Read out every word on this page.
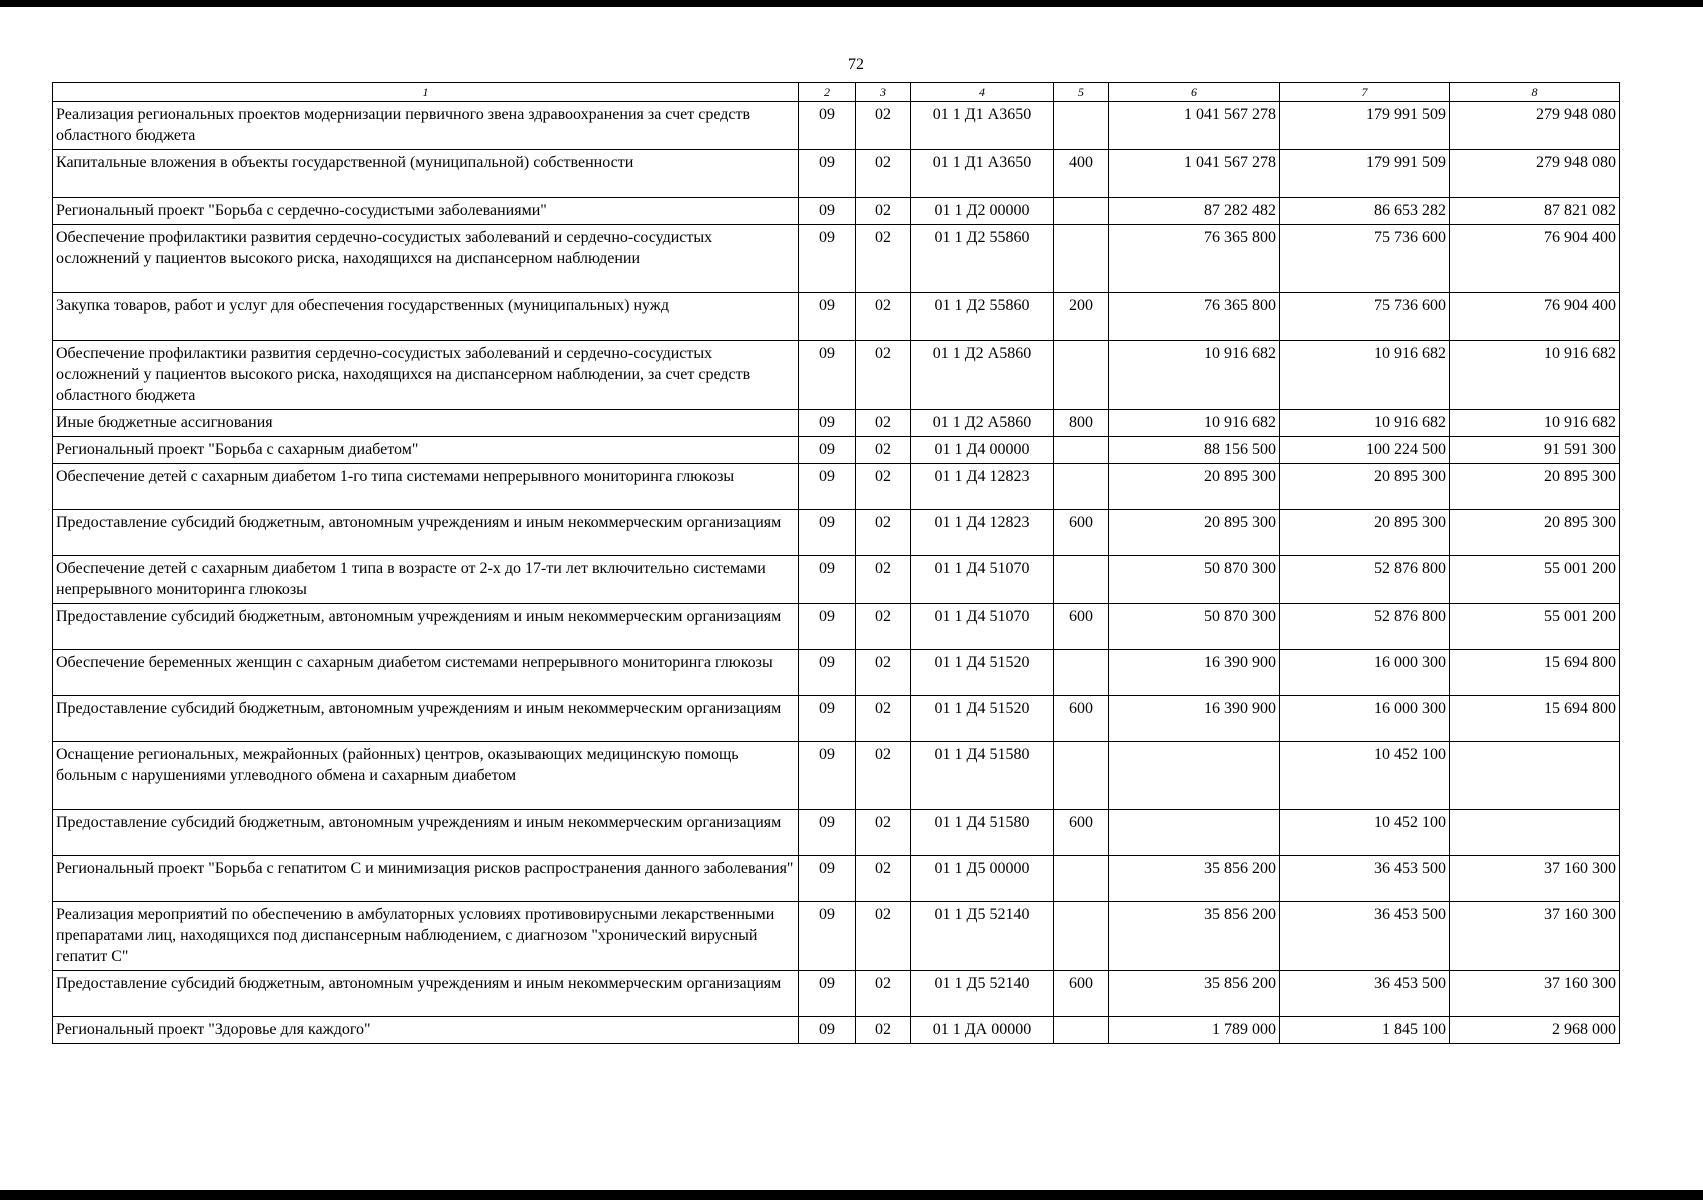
72
1	2	3	4	5	6	7	8
Реализация региональных проектов модернизации первичного звена здравоохранения за счет средств областного бюджета	09	02	01 1 Д1 А3650		1 041 567 278	179 991 509	279 948 080

Капитальные вложения в объекты государственной (муниципальной) собственности	09	02	01 1 Д1 А3650	400	1 041 567 278	179 991 509	279 948 080

Региональный проект "Борьба с сердечно-сосудистыми заболеваниями"	09	02	01 1 Д2 00000		87 282 482	86 653 282	87 821 082

Обеспечение профилактики развития сердечно-сосудистых заболеваний и сердечно-сосудистых осложнений у пациентов высокого риска, находящихся на диспансерном наблюдении	09	02	01 1 Д2 55860		76 365 800	75 736 600	76 904 400

Закупка товаров, работ и услуг для обеспечения государственных (муниципальных) нужд	09	02	01 1 Д2 55860	200	76 365 800	75 736 600	76 904 400

Обеспечение профилактики развития сердечно-сосудистых заболеваний и сердечно-сосудистых осложнений у пациентов высокого риска, находящихся на диспансерном наблюдении, за счет средств областного бюджета	09	02	01 1 Д2 А5860		10 916 682	10 916 682	10 916 682

Иные бюджетные ассигнования	09	02	01 1 Д2 А5860	800	10 916 682	10 916 682	10 916 682

Региональный проект "Борьба с сахарным диабетом"	09	02	01 1 Д4 00000		88 156 500	100 224 500	91 591 300

Обеспечение детей с сахарным диабетом 1-го типа системами непрерывного мониторинга глюкозы	09	02	01 1 Д4 12823		20 895 300	20 895 300	20 895 300

Предоставление субсидий бюджетным, автономным учреждениям и иным некоммерческим организациям	09	02	01 1 Д4 12823	600	20 895 300	20 895 300	20 895 300

Обеспечение детей с сахарным диабетом 1 типа в возрасте от 2-х до 17-ти лет включительно системами непрерывного мониторинга глюкозы	09	02	01 1 Д4 51070		50 870 300	52 876 800	55 001 200

Предоставление субсидий бюджетным, автономным учреждениям и иным некоммерческим организациям	09	02	01 1 Д4 51070	600	50 870 300	52 876 800	55 001 200

Обеспечение беременных женщин с сахарным диабетом системами непрерывного мониторинга глюкозы	09	02	01 1 Д4 51520		16 390 900	16 000 300	15 694 800

Предоставление субсидий бюджетным, автономным учреждениям и иным некоммерческим организациям	09	02	01 1 Д4 51520	600	16 390 900	16 000 300	15 694 800

Оснащение региональных, межрайонных (районных) центров, оказывающих медицинскую помощь больным с нарушениями углеводного обмена и сахарным диабетом	09	02	01 1 Д4 51580			10 452 100	

Предоставление субсидий бюджетным, автономным учреждениям и иным некоммерческим организациям	09	02	01 1 Д4 51580	600		10 452 100	

Региональный проект "Борьба с гепатитом С и минимизация рисков распространения данного заболевания"	09	02	01 1 Д5 00000		35 856 200	36 453 500	37 160 300

Реализация мероприятий по обеспечению в амбулаторных условиях противовирусными лекарственными препаратами лиц, находящихся под диспансерным наблюдением, с диагнозом "хронический вирусный гепатит С"	09	02	01 1 Д5 52140		35 856 200	36 453 500	37 160 300

Предоставление субсидий бюджетным, автономным учреждениям и иным некоммерческим организациям	09	02	01 1 Д5 52140	600	35 856 200	36 453 500	37 160 300

Региональный проект "Здоровье для каждого"	09	02	01 1 ДА 00000		1 789 000	1 845 100	2 968 000
